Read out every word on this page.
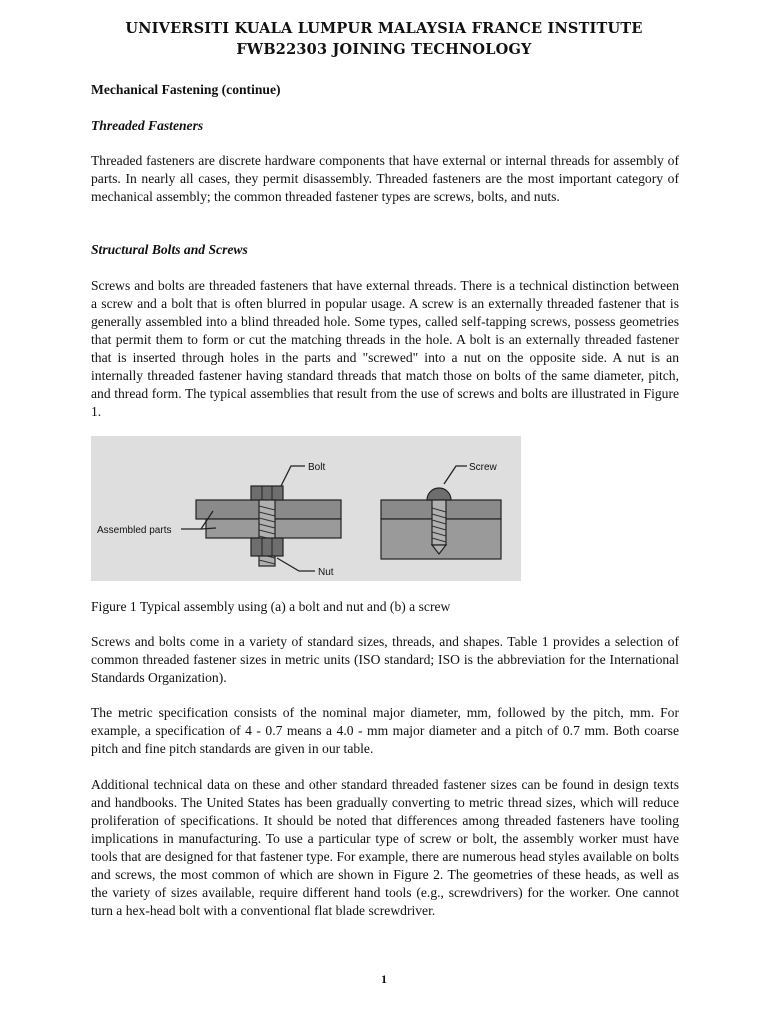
UNIVERSITI KUALA LUMPUR MALAYSIA FRANCE INSTITUTE
FWB22303 JOINING TECHNOLOGY
Mechanical Fastening (continue)
Threaded Fasteners
Threaded fasteners are discrete hardware components that have external or internal threads for assembly of parts. In nearly all cases, they permit disassembly. Threaded fasteners are the most important category of mechanical assembly; the common threaded fastener types are screws, bolts, and nuts.
Structural Bolts and Screws
Screws and bolts are threaded fasteners that have external threads. There is a technical distinction between a screw and a bolt that is often blurred in popular usage. A screw is an externally threaded fastener that is generally assembled into a blind threaded hole. Some types, called self-tapping screws, possess geometries that permit them to form or cut the matching threads in the hole. A bolt is an externally threaded fastener that is inserted through holes in the parts and "screwed" into a nut on the opposite side. A nut is an internally threaded fastener having standard threads that match those on bolts of the same diameter, pitch, and thread form. The typical assemblies that result from the use of screws and bolts are illustrated in Figure 1.
Bolt
Assembled parts
Nut
Screw
Figure 1 Typical assembly using (a) a bolt and nut and (b) a screw
Screws and bolts come in a variety of standard sizes, threads, and shapes. Table 1 provides a selection of common threaded fastener sizes in metric units (ISO standard; ISO is the abbreviation for the International Standards Organization).
The metric specification consists of the nominal major diameter, mm, followed by the pitch, mm. For example, a specification of 4 - 0.7 means a 4.0 - mm major diameter and a pitch of 0.7 mm. Both coarse pitch and fine pitch standards are given in our table.
Additional technical data on these and other standard threaded fastener sizes can be found in design texts and handbooks. The United States has been gradually converting to metric thread sizes, which will reduce proliferation of specifications. It should be noted that differences among threaded fasteners have tooling implications in manufacturing. To use a particular type of screw or bolt, the assembly worker must have tools that are designed for that fastener type. For example, there are numerous head styles available on bolts and screws, the most common of which are shown in Figure 2. The geometries of these heads, as well as the variety of sizes available, require different hand tools (e.g., screwdrivers) for the worker. One cannot turn a hex-head bolt with a conventional flat blade screwdriver.
1
